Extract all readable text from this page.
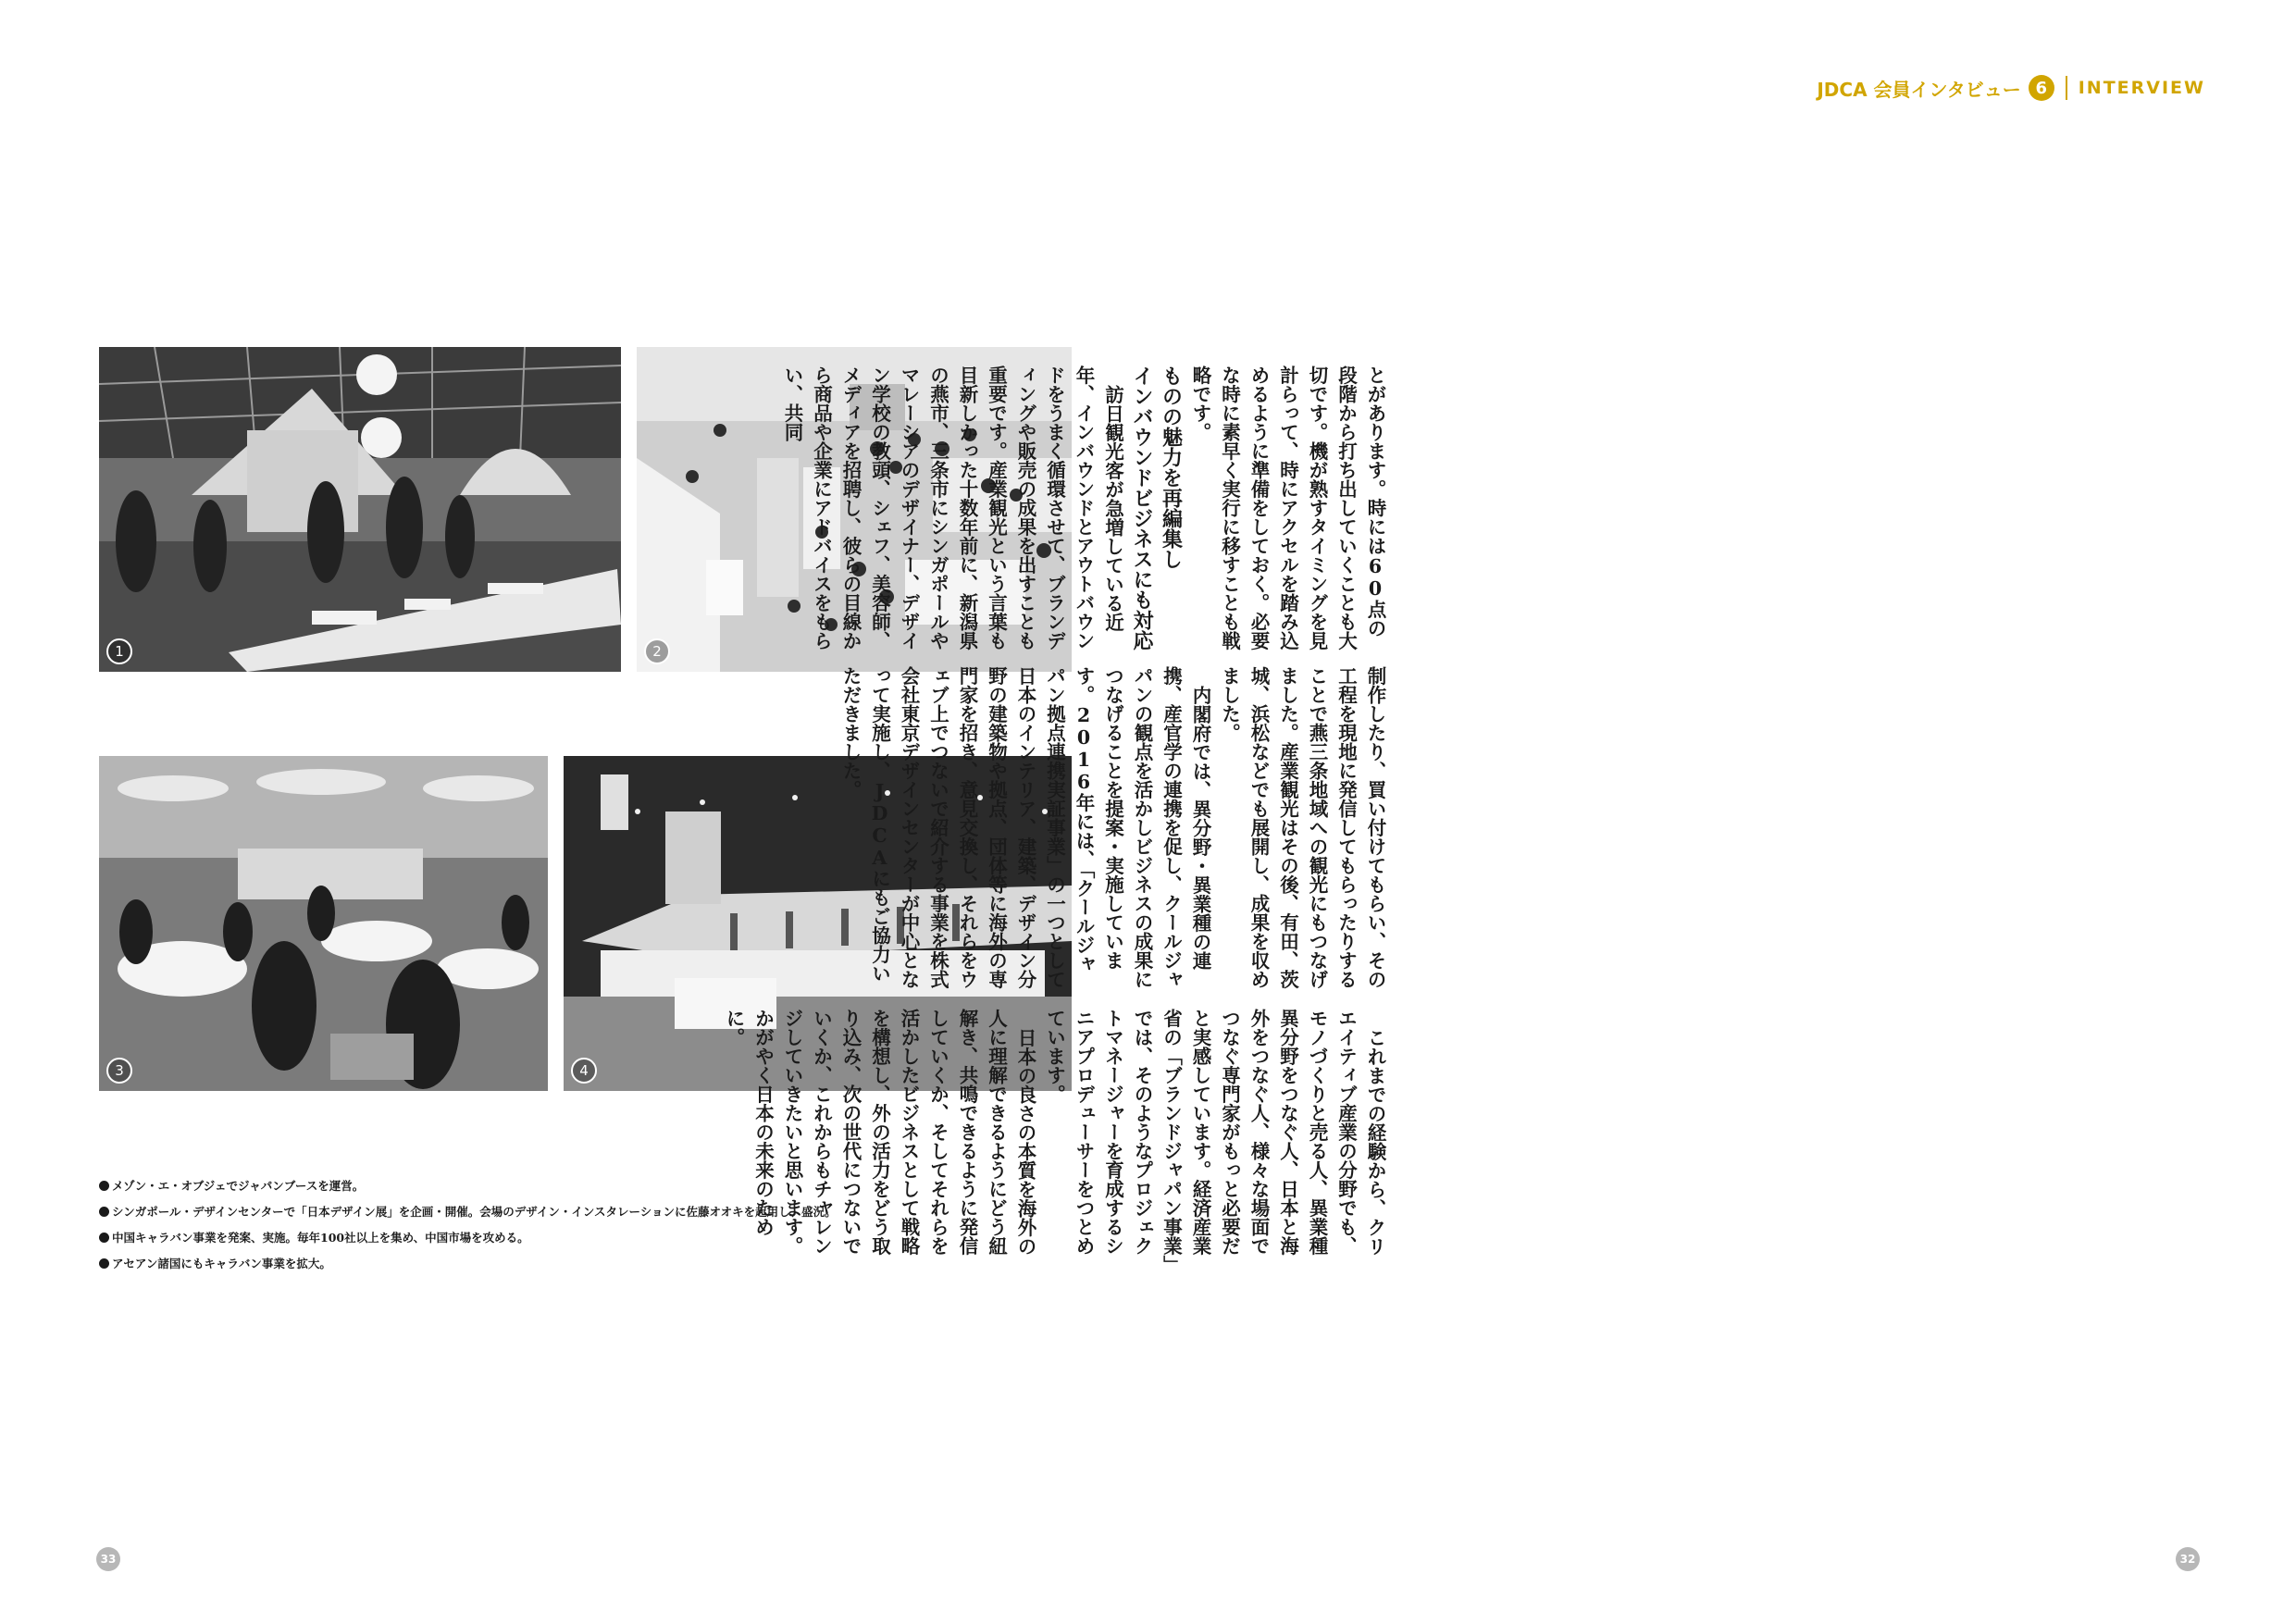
JDCA 会員インタビュー 6	INTERVIEW
1	2
3	4
メゾン・エ・オブジェでジャパンブースを運営。
シンガポール・デザインセンターで「日本デザイン展」を企画・開催。会場のデザイン・インスタレーションに佐藤オオキを起用し、盛況。
中国キャラバン事業を発案、実施。毎年100社以上を集め、中国市場を攻める。
アセアン諸国にもキャラバン事業を拡大。

とがあります。時には60点の段階から打ち出していくことも大切です。機が熟すタイミングを見計らって、時にアクセルを踏み込めるように準備をしておく。必要な時に素早く実行に移すことも戦略です。

ものの魅力を再編集し

インバウンドビジネスにも対応

訪日観光客が急増している近年、インバウンドとアウトバウンドをうまく循環させて、ブランディングや販売の成果を出すことも重要です。産業観光という言葉も目新しかった十数年前に、新潟県の燕市、三条市にシンガポールやマレーシアのデザイナー、デザイン学校の教頭、シェフ、美容師、メディアを招聘し、彼らの目線から商品や企業にアドバイスをもらい、共同

制作したり、買い付けてもらい、その工程を現地に発信してもらったりすることで燕三条地域への観光にもつなげました。産業観光はその後、有田、茨城、浜松などでも展開し、成果を収めました。

内閣府では、異分野・異業種の連携、産官学の連携を促し、クールジャパンの観点を活かしビジネスの成果につなげることを提案・実施しています。2016年には、「クールジャパン拠点連携実証事業」の一つとして日本のインテリア、建築、デザイン分野の建築物や拠点、団体等に海外の専門家を招き、意見交換し、それらをウェブ上でつないで紹介する事業を株式会社東京デザインセンターが中心となって実施し、JDCAにもご協力いただきました。

これまでの経験から、クリエイティブ産業の分野でも、モノづくりと売る人、異業種異分野をつなぐ人、日本と海外をつなぐ人、様々な場面でつなぐ専門家がもっと必要だと実感しています。経済産業省の「ブランドジャパン事業」では、そのようなプロジェクトマネージャーを育成するシニアプロデューサーをつとめています。

日本の良さの本質を海外の人に理解できるようにどう紐解き、共鳴できるように発信していくか、そしてそれらを活かしたビジネスとして戦略を構想し、外の活力をどう取り込み、次の世代につないでいくか、これからもチャレンジしていきたいと思います。かがやく日本の未来のために。

33	32
